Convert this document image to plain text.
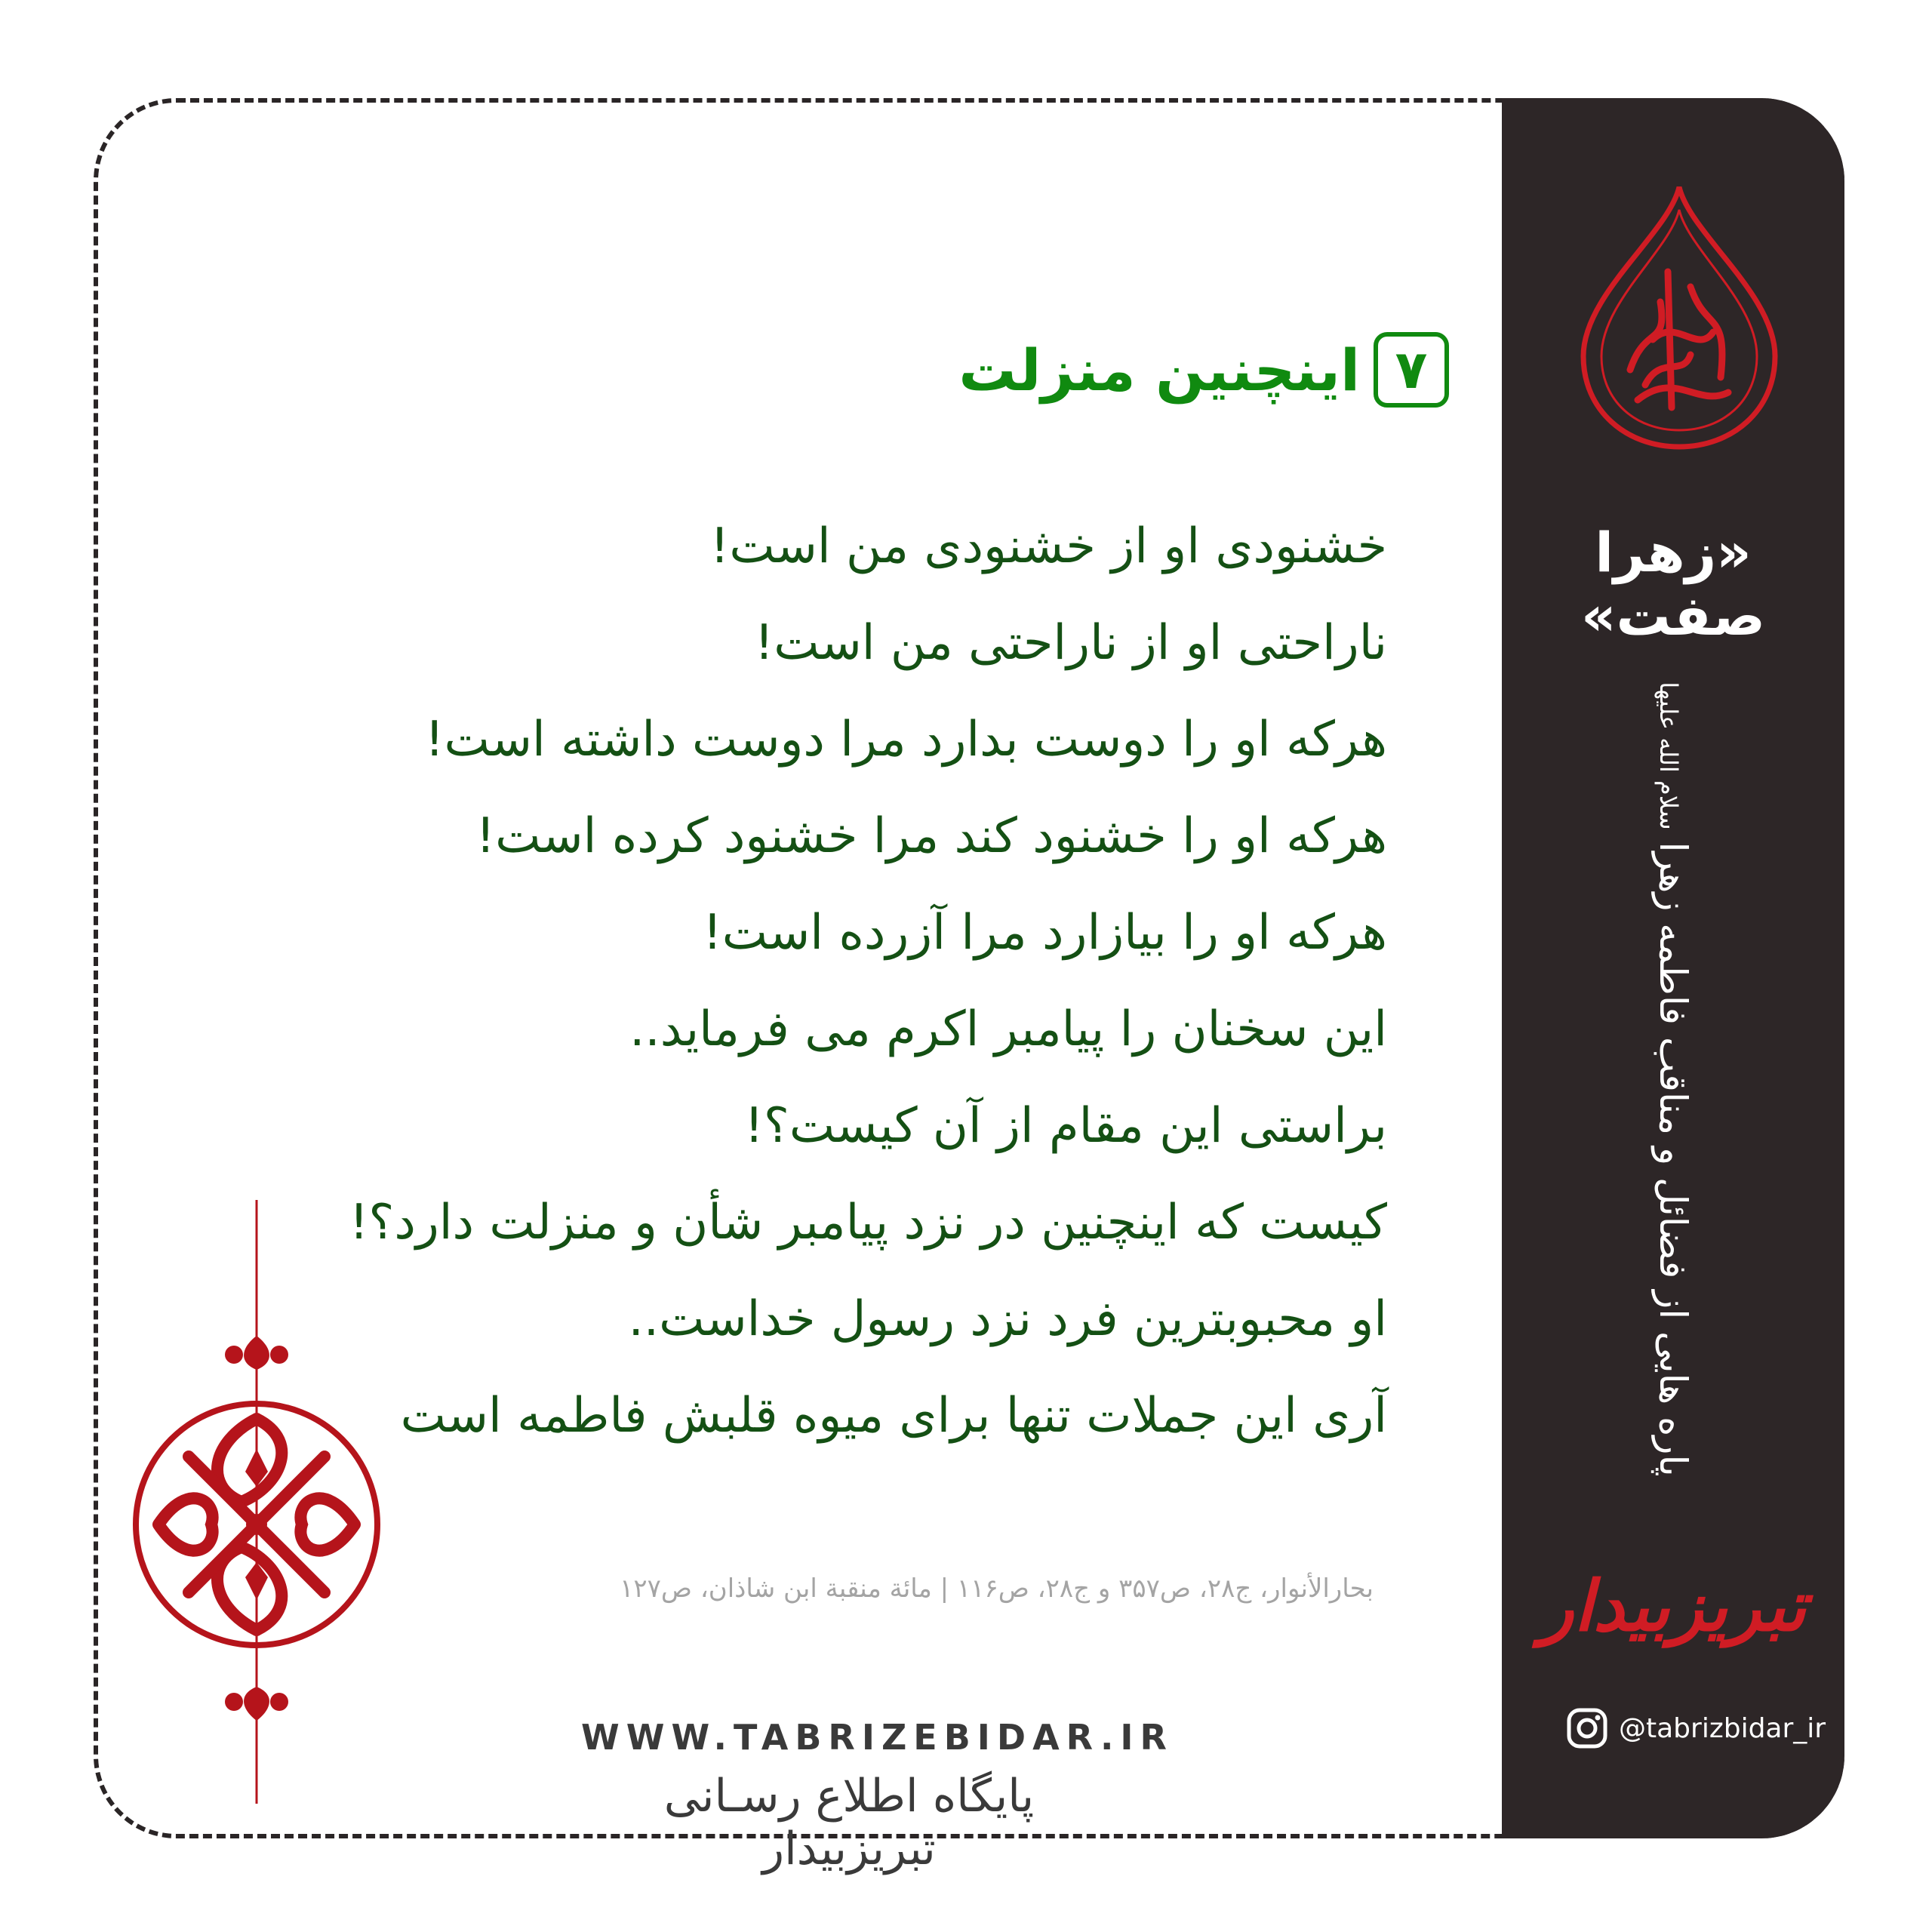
«زهرا صفت»
پاره هایی از فضائل و مناقب فاطمه زهرا سلام الله علیها
تبریزبیدار
@tabrizbidar_ir
۷
اینچنین منزلت
خشنودی او از خشنودی من است!
ناراحتی او از ناراحتی من است!
هرکه او را دوست بدارد مرا دوست داشته است!
هرکه او را خشنود کند مرا خشنود کرده است!
هرکه او را بیازارد مرا آزرده است!
این سخنان را پیامبر اکرم می فرماید..
براستی این مقام از آن کیست؟!
کیست که اینچنین در نزد پیامبر شأن و منزلت دارد؟!
او محبوبترین فرد نزد رسول خداست..
آری این جملات تنها برای میوه قلبش فاطمه است
بحارالأنوار، ج۲۸، ص۳۵۷ و ج۲۸، ص۱۱۶ | مائة منقبة ابن شاذان، ص۱۲۷
WWW.TABRIZEBIDAR.IR
پایگاه اطلاع رسـانی تبریزبیدار
